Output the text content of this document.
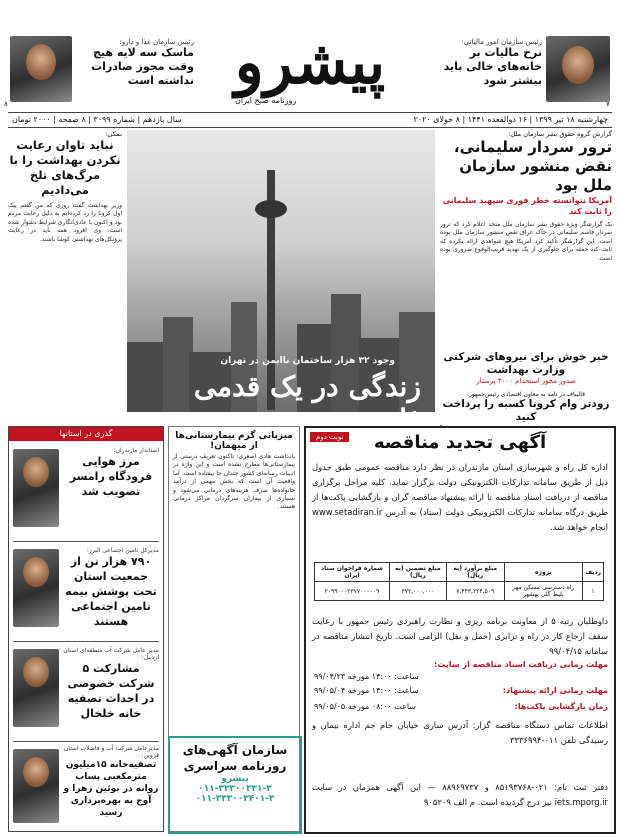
پیشرو
روزنامه صبح ایران
رئیس سازمان غذا و دارو:
ماسک سه لایه هیچ وقت مجوز صادرات نداشته است
۸
رئیس سازمان امور مالیاتی:
نرخ مالیات بر خانه‌های خالی باید بیشتر شود
۷
چهارشنبه ۱۸ تیر ۱۳۹۹ | ۱۶ ذوالقعده ۱۴۴۱ | ۸ جولای ۲۰۲۰
سال یازدهم | شماره ۳۰۹۹ | ۸ صفحه | ۲۰۰۰ تومان
گزارش گروه حقوق بشر سازمان ملل:
ترور سردار سلیمانی، نقض منشور سازمان ملل بود
آمریکا نتوانسته خطر فوری سپهبد سلیمانی را ثابت کند
یک گزارشگر ویژه حقوق بشر سازمان ملل متحد اعلام کرد که ترور سردار قاسم سلیمانی در خاک عراق نقض منشور سازمان ملل بوده است. این گزارشگر تأکید کرد آمریکا هیچ شواهدی ارائه نکرده که ثابت کند حمله برای جلوگیری از یک تهدید قریب‌الوقوع ضروری بوده است.
خبر خوش برای نیروهای شرکتی وزارت بهداشت
صدور مجوز استخدام ۳۰۰۰ پرستار
قالیباف در نامه به معاون اقتصادی رئیس‌جمهور:
زودتر وام کرونا کسبه را پرداخت کنید
صفحه ۲
نمکی:
نباید تاوان رعایت نکردن بهداشت را با مرگ‌های تلخ می‌دادیم
وزیر بهداشت گفت روزی که من گفتم پیک اول کرونا را رد کرده‌ایم به دلیل رعایت مردم بود و اکنون با عادی‌انگاری شرایط دشوار شده است. وی افزود همه باید در رعایت پروتکل‌های بهداشتی کوشا باشند.
وجود ۳۲ هزار ساختمان ناایمن در تهران
زندگی در یک قدمی فاجعه
نوبت دوم	آگهی تجدید مناقصه
اداره کل راه و شهرسازی استان مازندران در نظر دارد مناقصه عمومی طبق جدول ذیل از طریق سامانه تدارکات الکترونیکی دولت برگزار نماید. کلیه مراحل برگزاری مناقصه از دریافت اسناد مناقصه تا ارائه پیشنهاد مناقصه گران و بازگشایی پاکت‌ها از طریق درگاه سامانه تدارکات الکترونیکی دولت (ستاد) به آدرس www.setadiran.ir انجام خواهد شد.
ردیف	پروژه	مبلغ برآورد (به ریال)	مبلغ تضمین (به ریال)	شماره فراخوان ستاد ایران
۱	راه دسترسی مسکن مهر بلیط گلی بهشهر	۷,۴۴۳,۲۲۴,۵۰۹	۳۷۲,۰۰۰,۰۰۰	۲۰۹۹۰۰۰۲۳۷۷۰۰۰۰۰۹
داوطلبان رتبه ۵ از معاونت برنامه ریزی و نظارت راهبردی رئیس جمهور با رعایت سقف ارجاع کار در راه و ترابری (حمل و نقل) الزامی است. تاریخ انتشار مناقصه در سامانه ۹۹/۰۴/۱۵
مهلت زمانی دریافت اسناد مناقصه از سایت:
ساعت: ۱۴:۰۰ مورخه ۹۹/۰۴/۲۳
مهلت زمانی ارائه پیشنهاد:
ساعت: ۱۴:۰۰ مورخه ۹۹/۰۵/۰۴
زمان بازگشایی پاکت‌ها:
ساعت ۰۸:۰۰ مورخه ۹۹/۰۵/۰۵
اطلاعات تماس دستگاه مناقصه گزار: آدرس ساری خیابان جام جم اداره بیمان و رسیدگی تلفن ۰۱۱-۳۳۳۶۹۹۴
دفتر ثبت نام: ۰۲۱-۸۵۱۹۳۷۶۸ و ۸۸۹۶۹۷۳۷ — این آگهی همزمان در سایت iets.mporg.ir نیز درج گردیده است. م الف ۹۰۵۲۰۹
میزبانی گرم بیمارستانی‌ها از میهمان!
یادداشت هادی اصغری: تاکنون تعریف درستی از بیمارستانی‌ها مطرح نشده است و این واژه در ادبیات رسانه‌ای کشور چندان جا نیفتاده است. اما واقعیت آن است که بخش مهمی از درآمد خانواده‌ها صرف هزینه‌های درمانی می‌شود و بسیاری از بیماران سرگردان مراکز درمانی هستند.
سازمان آگهی‌های روزنامه سراسری
پیشرو
۰۱۱-۳۳۳۰۰۳۳۱-۳
۰۱۱-۳۳۳۰۰۳۴۰۱-۳
گذری در استانها
استاندار مازندران:
مرز هوایی فرودگاه رامسر تصویب شد
مدیرکل تامین اجتماعی البرز:
۷۹۰ هزار تن از جمعیت استان تحت پوشش بیمه تامین اجتماعی هستند
مدیر عامل شرکت آب منطقه‌ای استان اردبیل:
مشارکت ۵ شرکت خصوصی در احداث تصفیه خانه خلخال
مدیرعامل شرکت آب و فاضلاب استان قزوین:
تصفیه‌خانه ۱۵میلیون مترمکعبی پساب روانه در بوئین زهرا و آوج به بهره‌برداری رسید
